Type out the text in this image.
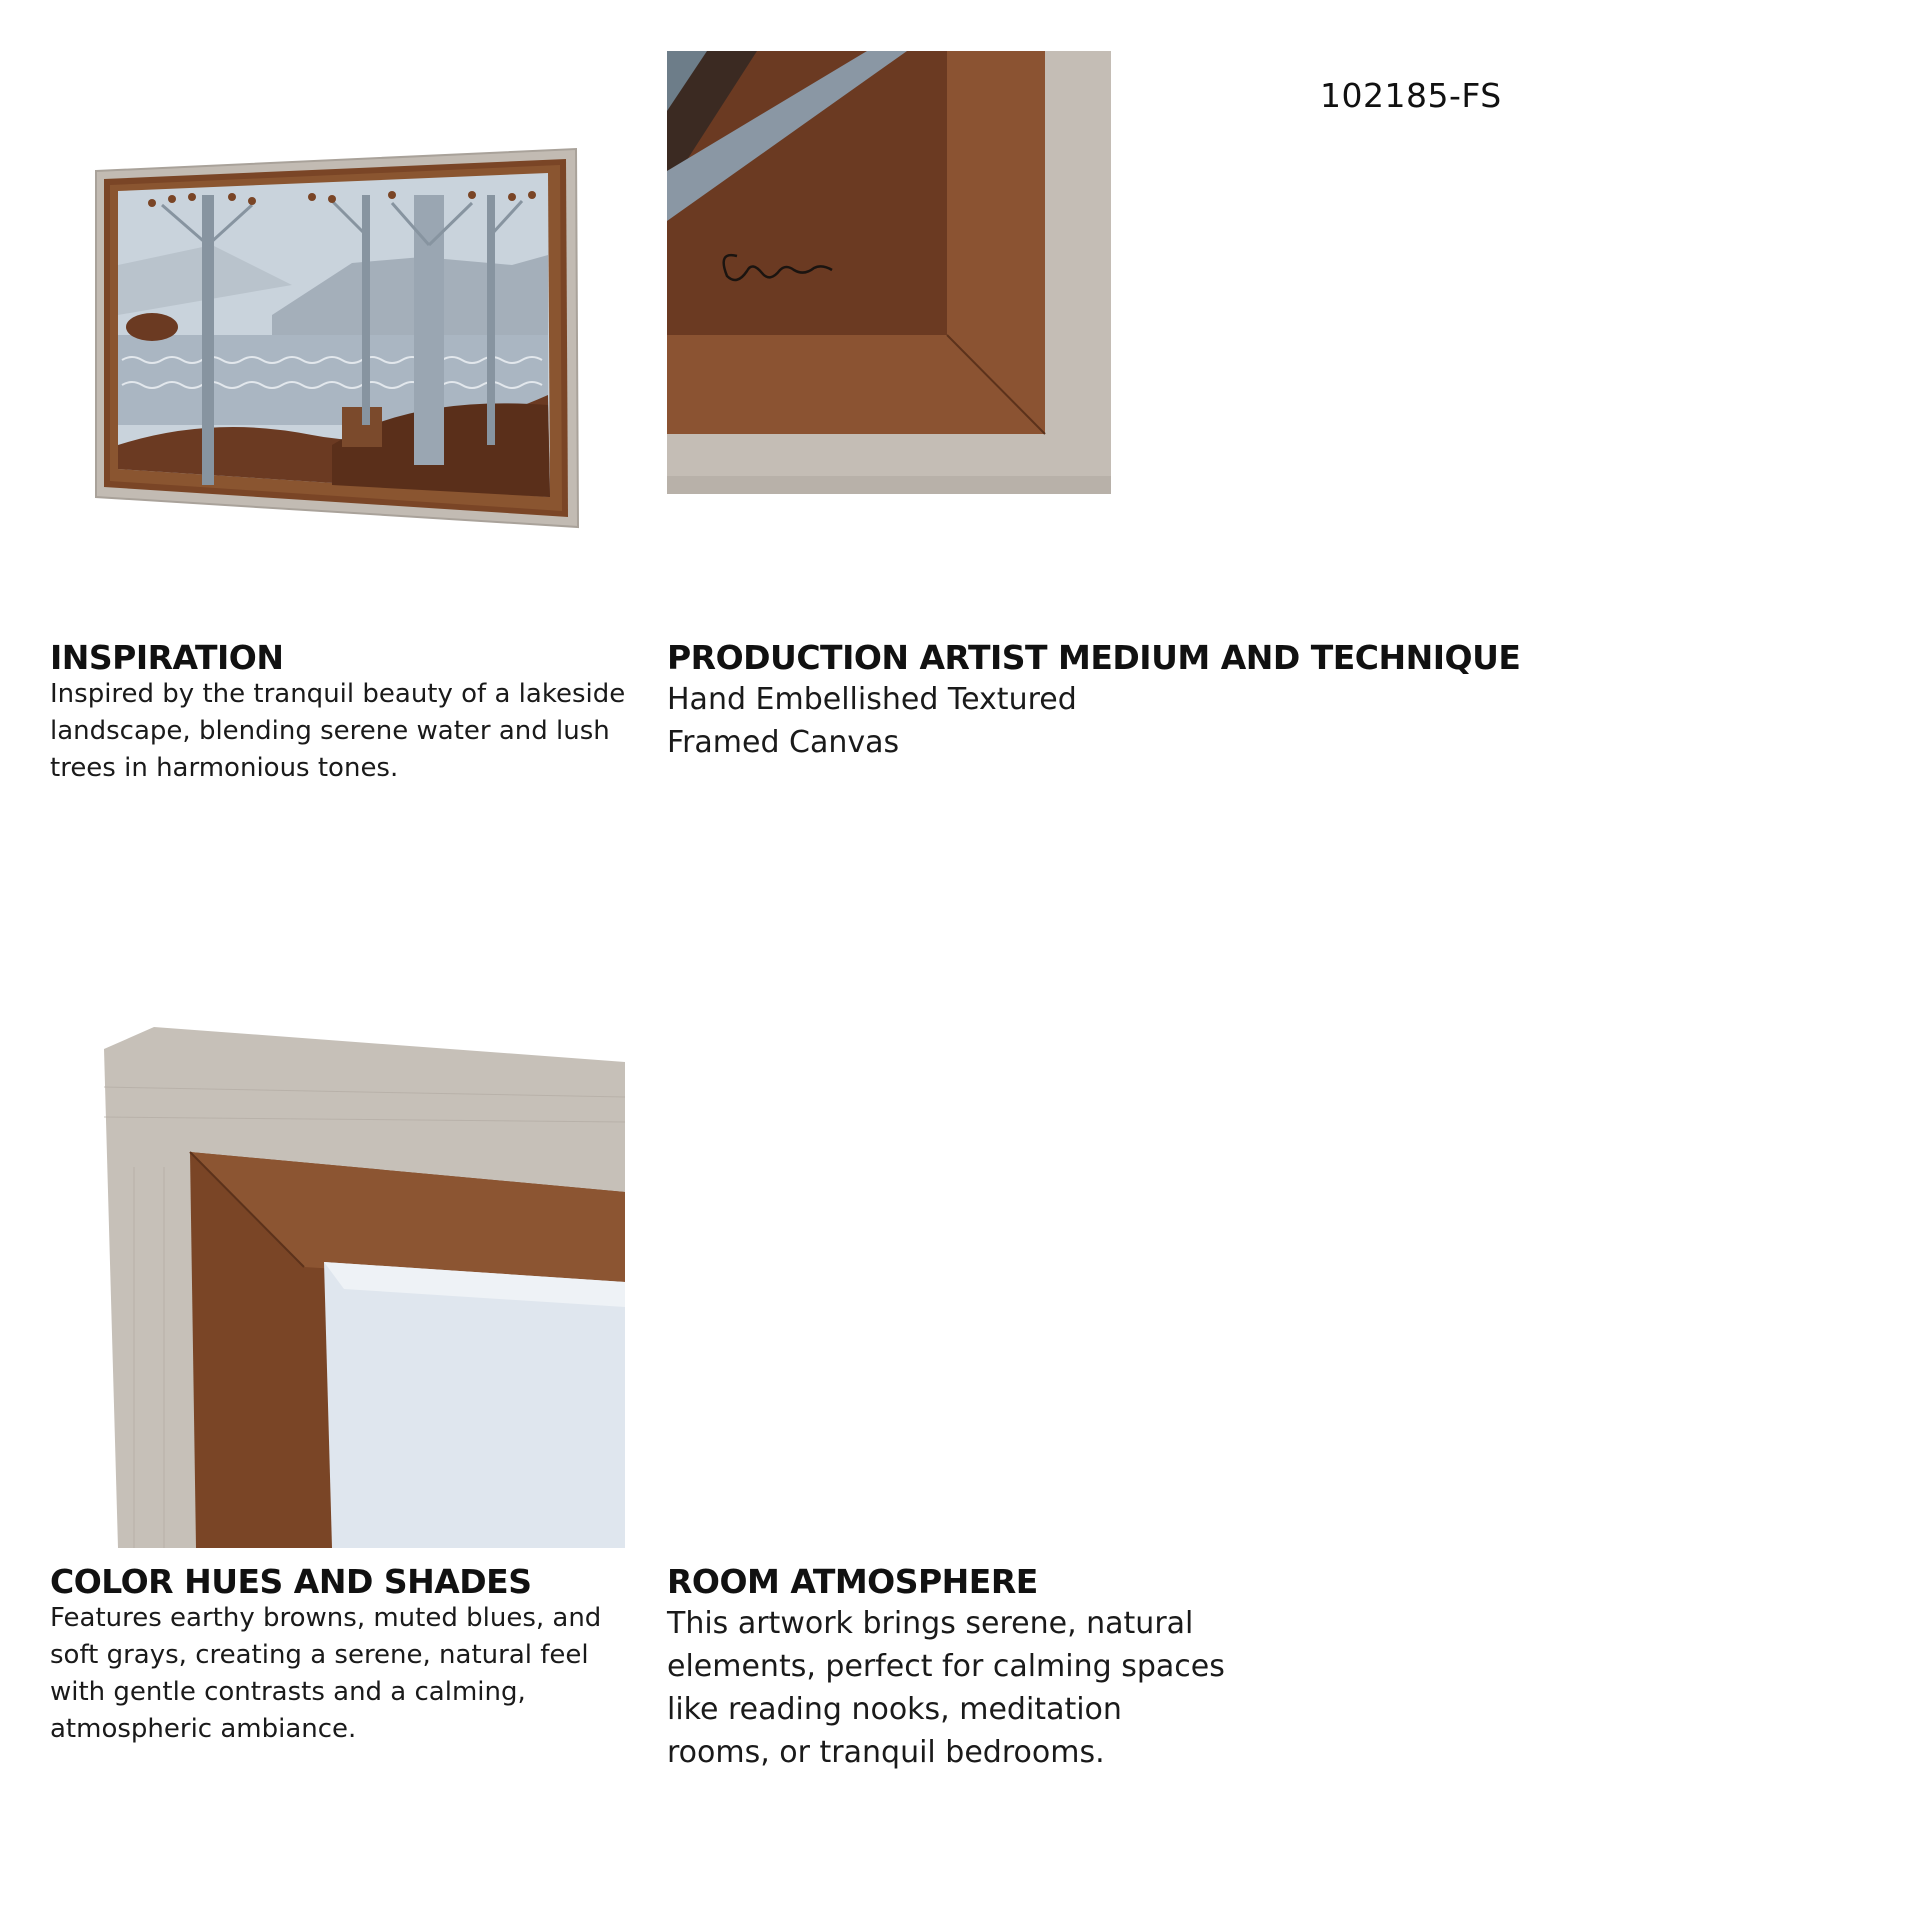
102185-FS
INSPIRATION
Inspired by the tranquil beauty of a lakeside landscape, blending serene water and lush trees in harmonious tones.
PRODUCTION ARTIST MEDIUM AND TECHNIQUE
Hand Embellished Textured Framed Canvas
COLOR HUES AND SHADES
Features earthy browns, muted blues, and soft grays, creating a serene, natural feel with gentle contrasts and a calming, atmospheric ambiance.
ROOM ATMOSPHERE
This artwork brings serene, natural elements, perfect for calming spaces like reading nooks, meditation rooms, or tranquil bedrooms.
